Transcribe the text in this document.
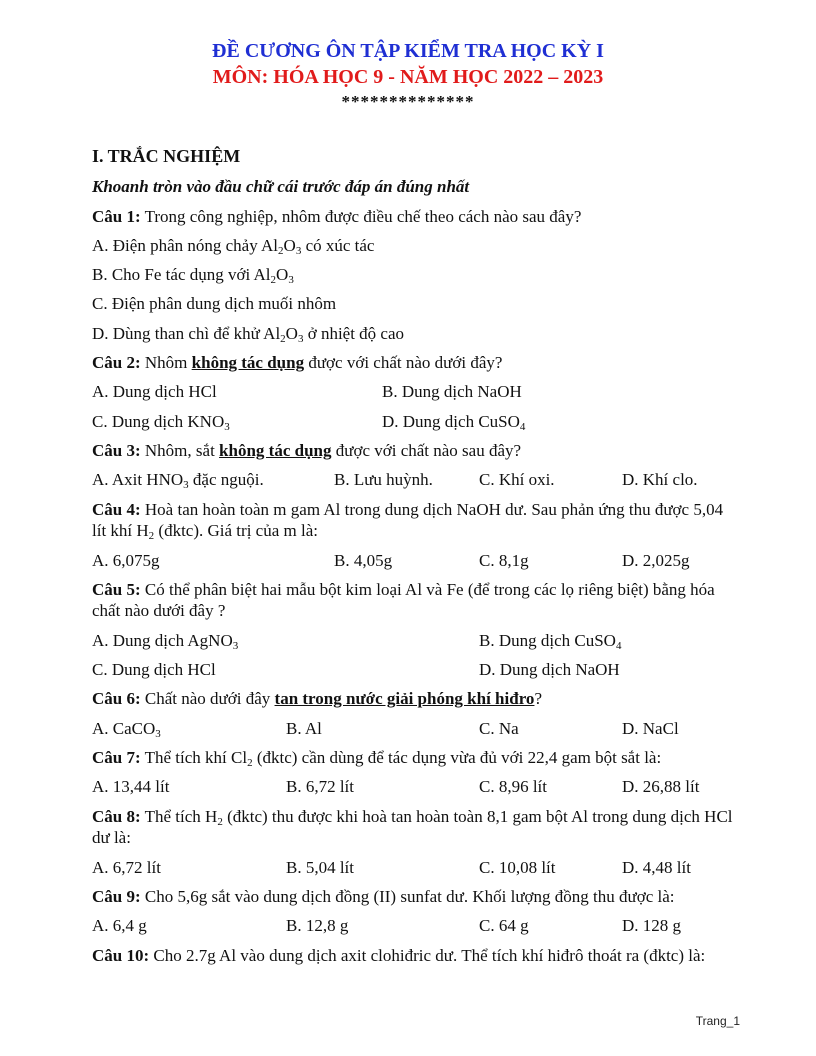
ĐỀ CƯƠNG ÔN TẬP KIỂM TRA HỌC KỲ I
MÔN: HÓA HỌC 9 - NĂM HỌC 2022 – 2023
**************
I. TRẮC NGHIỆM
Khoanh tròn vào đầu chữ cái trước đáp án đúng nhất
Câu 1: Trong công nghiệp, nhôm được điều chế theo cách nào sau đây?
A. Điện phân nóng chảy $Al_2O_3$ có xúc tác
B. Cho Fe tác dụng với $Al_2O_3$
C. Điện phân dung dịch muối nhôm
D. Dùng than chì để khử $Al_2O_3$ ở nhiệt độ cao
Câu 2: Nhôm không tác dụng được với chất nào dưới đây?
A. Dung dịch HCl	B. Dung dịch NaOH
C. Dung dịch $KNO_3$	D. Dung dịch CuSO$_4$
Câu 3: Nhôm, sắt không tác dụng được với chất nào sau đây?
A. Axit $HNO_3$ đặc nguội.	B. Lưu huỳnh.	C. Khí oxi.	D. Khí clo.
Câu 4: Hoà tan hoàn toàn m gam Al trong dung dịch NaOH dư. Sau phản ứng thu được 5,04 lít khí $H_2$ (đktc). Giá trị của m là:
A. 6,075g	B. 4,05g	C. 8,1g	D. 2,025g
Câu 5: Có thể phân biệt hai mẫu bột kim loại Al và Fe (để trong các lọ riêng biệt) bằng hóa chất nào dưới đây ?
A. Dung dịch AgNO$_3$	B. Dung dịch CuSO$_4$
C. Dung dịch HCl	D. Dung dịch NaOH
Câu 6: Chất nào dưới đây tan trong nước giải phóng khí hiđro?
A. CaCO$_3$	B. Al	C. Na	D. NaCl
Câu 7: Thể tích khí $Cl_2$ (đktc) cần dùng để tác dụng vừa đủ với 22,4 gam bột sắt là:
A. 13,44 lít	B. 6,72 lít	C. 8,96 lít	D. 26,88 lít
Câu 8: Thể tích $H_2$ (đktc) thu được khi hoà tan hoàn toàn 8,1 gam bột Al trong dung dịch HCl dư là:
A. 6,72 lít	B. 5,04 lít	C. 10,08 lít	D. 4,48 lít
Câu 9: Cho 5,6g sắt vào dung dịch đồng (II) sunfat dư. Khối lượng đồng thu được là:
A. 6,4 g	B. 12,8 g	C. 64 g	D. 128 g
Câu 10: Cho 2.7g Al vào dung dịch axit clohiđric dư. Thể tích khí hiđrô thoát ra (đktc) là:
Trang_1
